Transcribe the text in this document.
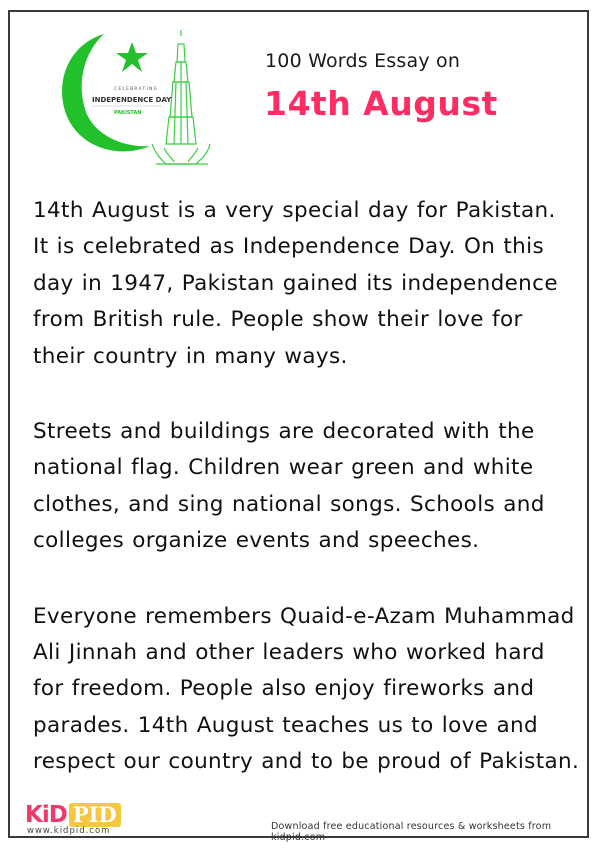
CELEBRATING
INDEPENDENCE DAY
PAKISTAN
100 Words Essay on
14th August

14th August is a very special day for Pakistan.
It is celebrated as Independence Day. On this
day in 1947, Pakistan gained its independence
from British rule. People show their love for
their country in many ways.

Streets and buildings are decorated with the
national flag. Children wear green and white
clothes, and sing national songs. Schools and
colleges organize events and speeches.

Everyone remembers Quaid-e-Azam Muhammad
Ali Jinnah and other leaders who worked hard
for freedom. People also enjoy fireworks and
parades. 14th August teaches us to love and
respect our country and to be proud of Pakistan.

KiD PID
www.kidpid.com	Download free educational resources & worksheets from kidpid.com
